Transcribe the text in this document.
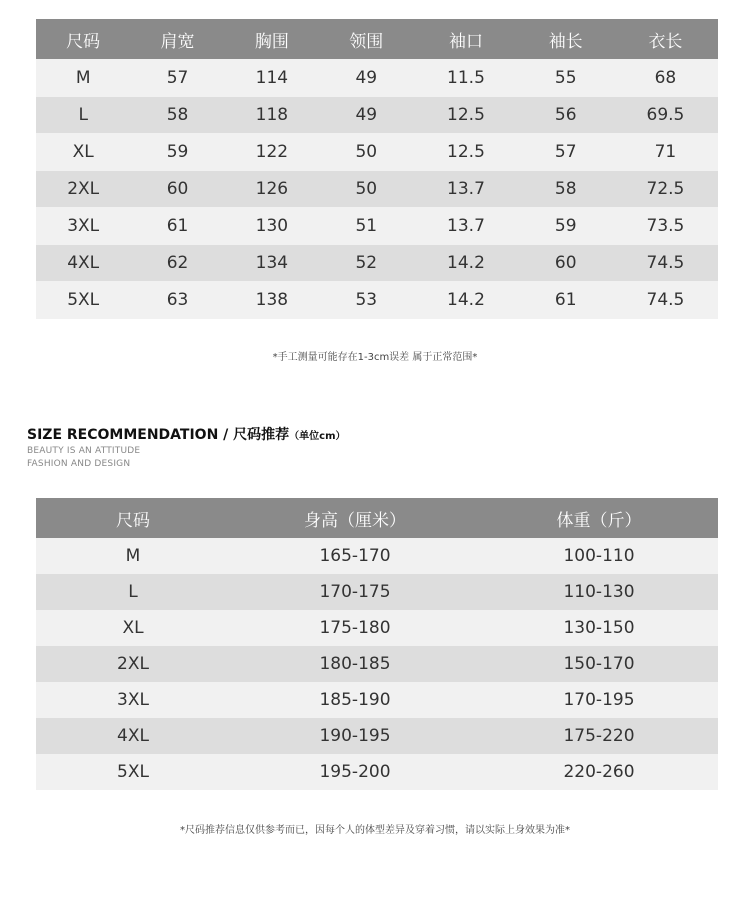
尺码	肩宽	胸围	领围	袖口	袖长	衣长
M	57	114	49	11.5	55	68
L	58	118	49	12.5	56	69.5
XL	59	122	50	12.5	57	71
2XL	60	126	50	13.7	58	72.5
3XL	61	130	51	13.7	59	73.5
4XL	62	134	52	14.2	60	74.5
5XL	63	138	53	14.2	61	74.5
*手工测量可能存在1-3cm误差 属于正常范围*
SIZE RECOMMENDATION / 尺码推荐（单位cm）
BEAUTY IS AN ATTITUDE
FASHION AND DESIGN
尺码	身高（厘米）	体重（斤）
M	165-170	100-110
L	170-175	110-130
XL	175-180	130-150
2XL	180-185	150-170
3XL	185-190	170-195
4XL	190-195	175-220
5XL	195-200	220-260
*尺码推荐信息仅供参考而已，因每个人的体型差异及穿着习惯，请以实际上身效果为准*
